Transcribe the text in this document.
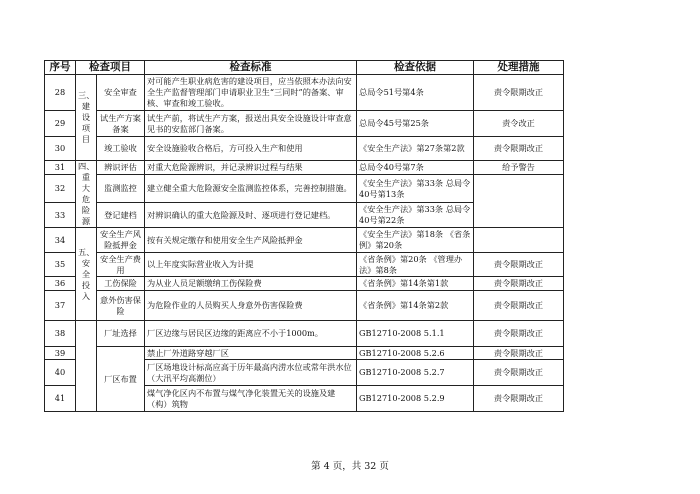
序号	检查项目		检查标准	检查依据	处理措施
28	三、建设项目	安全审查	对可能产生职业病危害的建设项目，应当依照本办法向安全生产监督管理部门申请职业卫生“三同时”的备案、审核、审查和竣工验收。	总局令51号第4条	责令限期改正
29		试生产方案备案	试生产前，将试生产方案，报送出具安全设施设计审查意见书的安监部门备案。	总局令45号第25条	责令改正
30		竣工验收	安全设施验收合格后，方可投入生产和使用	《安全生产法》第27条第2款	责令限期改正
31	四、重大危险源	辨识评估	对重大危险源辨识，并记录辨识过程与结果	总局令40号第7条	给予警告
32		监测监控	建立健全重大危险源安全监测监控体系，完善控制措施。	《安全生产法》第33条 总局令40号第13条	
33		登记建档	对辨识确认的重大危险源及时、逐项进行登记建档。	《安全生产法》第33条 总局令40号第22条	
34	五、安全投入	安全生产风险抵押金	按有关规定缴存和使用安全生产风险抵押金	《安全生产法》第18条 《省条例》第20条	
35		安全生产费用	以上年度实际营业收入为计提	《省条例》第20条 《管理办法》第8条	责令限期改正
36		工伤保险	为从业人员足额缴纳工伤保险费	《省条例》第14条第1款	责令限期改正
37		意外伤害保险	为危险作业的人员购买人身意外伤害保险费	《省条例》第14条第2款	责令限期改正
38		厂址选择	厂区边缘与居民区边缘的距离应不小于1000m。	GB12710-2008 5.1.1	责令限期改正
39		厂区布置	禁止厂外道路穿越厂区	GB12710-2008 5.2.6	责令限期改正
40			厂区场地设计标高应高于历年最高内涝水位或常年洪水位（大汛平均高潮位）	GB12710-2008 5.2.7	责令限期改正
41			煤气净化区内不布置与煤气净化装置无关的设施及建（构）筑物	GB12710-2008 5.2.9	责令限期改正
第 4 页，共 32 页
